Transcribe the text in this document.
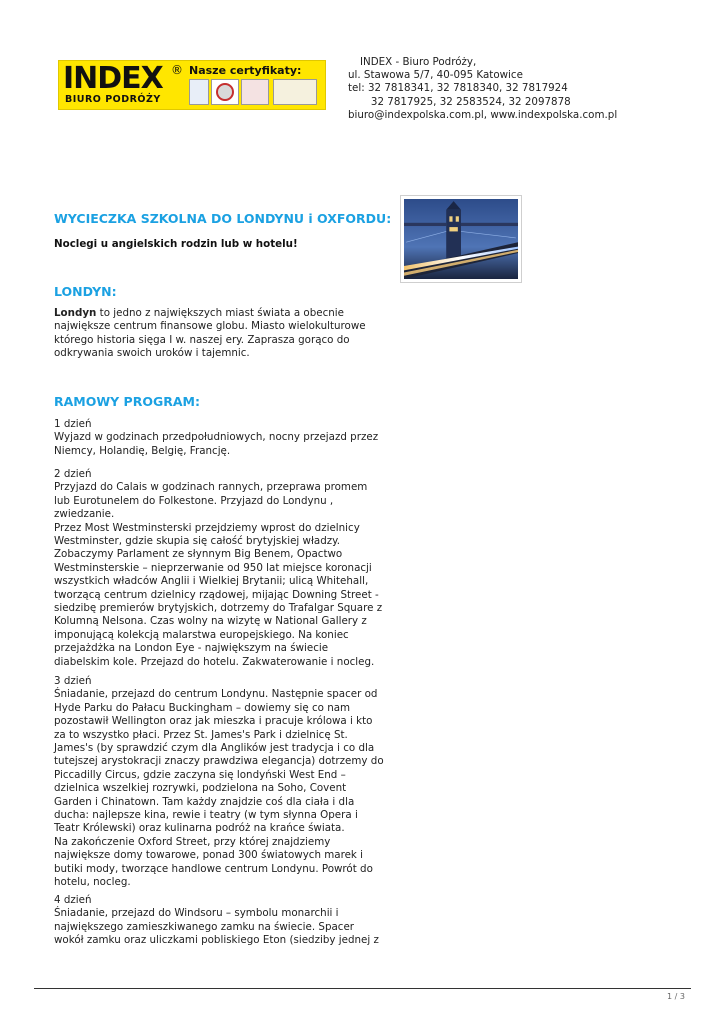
INDEX ®
BIURO PODRÓŻY
Nasze certyfikaty:
INDEX - Biuro Podróży,
ul. Stawowa 5/7, 40-095 Katowice
tel: 32 7818341, 32 7818340, 32 7817924
32 7817925, 32 2583524, 32 2097878
biuro@indexpolska.com.pl, www.indexpolska.com.pl
WYCIECZKA SZKOLNA DO LONDYNU i OXFORDU:
Noclegi u angielskich rodzin lub w hotelu!
LONDYN:
Londyn to jedno z największych miast świata a obecnie
największe centrum finansowe globu. Miasto wielokulturowe
którego historia sięga I w. naszej ery. Zaprasza gorąco do
odkrywania swoich uroków i tajemnic.
RAMOWY PROGRAM:
1 dzień
Wyjazd w godzinach przedpołudniowych, nocny przejazd przez
Niemcy, Holandię, Belgię, Francję.
2 dzień
Przyjazd do Calais w godzinach rannych, przeprawa promem
lub Eurotunelem do Folkestone. Przyjazd do Londynu ,
zwiedzanie.
Przez Most Westminsterski przejdziemy wprost do dzielnicy
Westminster, gdzie skupia się całość brytyjskiej władzy.
Zobaczymy Parlament ze słynnym Big Benem, Opactwo
Westminsterskie – nieprzerwanie od 950 lat miejsce koronacji
wszystkich władców Anglii i Wielkiej Brytanii; ulicą Whitehall,
tworzącą centrum dzielnicy rządowej, mijając Downing Street -
siedzibę premierów brytyjskich, dotrzemy do Trafalgar Square z
Kolumną Nelsona. Czas wolny na wizytę w National Gallery z
imponującą kolekcją malarstwa europejskiego. Na koniec
przejażdżka na London Eye - największym na świecie
diabelskim kole. Przejazd do hotelu. Zakwaterowanie i nocleg.
3 dzień
Śniadanie, przejazd do centrum Londynu. Następnie spacer od
Hyde Parku do Pałacu Buckingham – dowiemy się co nam
pozostawił Wellington oraz jak mieszka i pracuje królowa i kto
za to wszystko płaci. Przez St. James's Park i dzielnicę St.
James's (by sprawdzić czym dla Anglików jest tradycja i co dla
tutejszej arystokracji znaczy prawdziwa elegancja) dotrzemy do
Piccadilly Circus, gdzie zaczyna się londyński West End –
dzielnica wszelkiej rozrywki, podzielona na Soho, Covent
Garden i Chinatown. Tam każdy znajdzie coś dla ciała i dla
ducha: najlepsze kina, rewie i teatry (w tym słynna Opera i
Teatr Królewski) oraz kulinarna podróż na krańce świata.
Na zakończenie Oxford Street, przy której znajdziemy
największe domy towarowe, ponad 300 światowych marek i
butiki mody, tworzące handlowe centrum Londynu. Powrót do
hotelu, nocleg.
4 dzień
Śniadanie, przejazd do Windsoru – symbolu monarchii i
największego zamieszkiwanego zamku na świecie. Spacer
wokół zamku oraz uliczkami pobliskiego Eton (siedziby jednej z
1 / 3
